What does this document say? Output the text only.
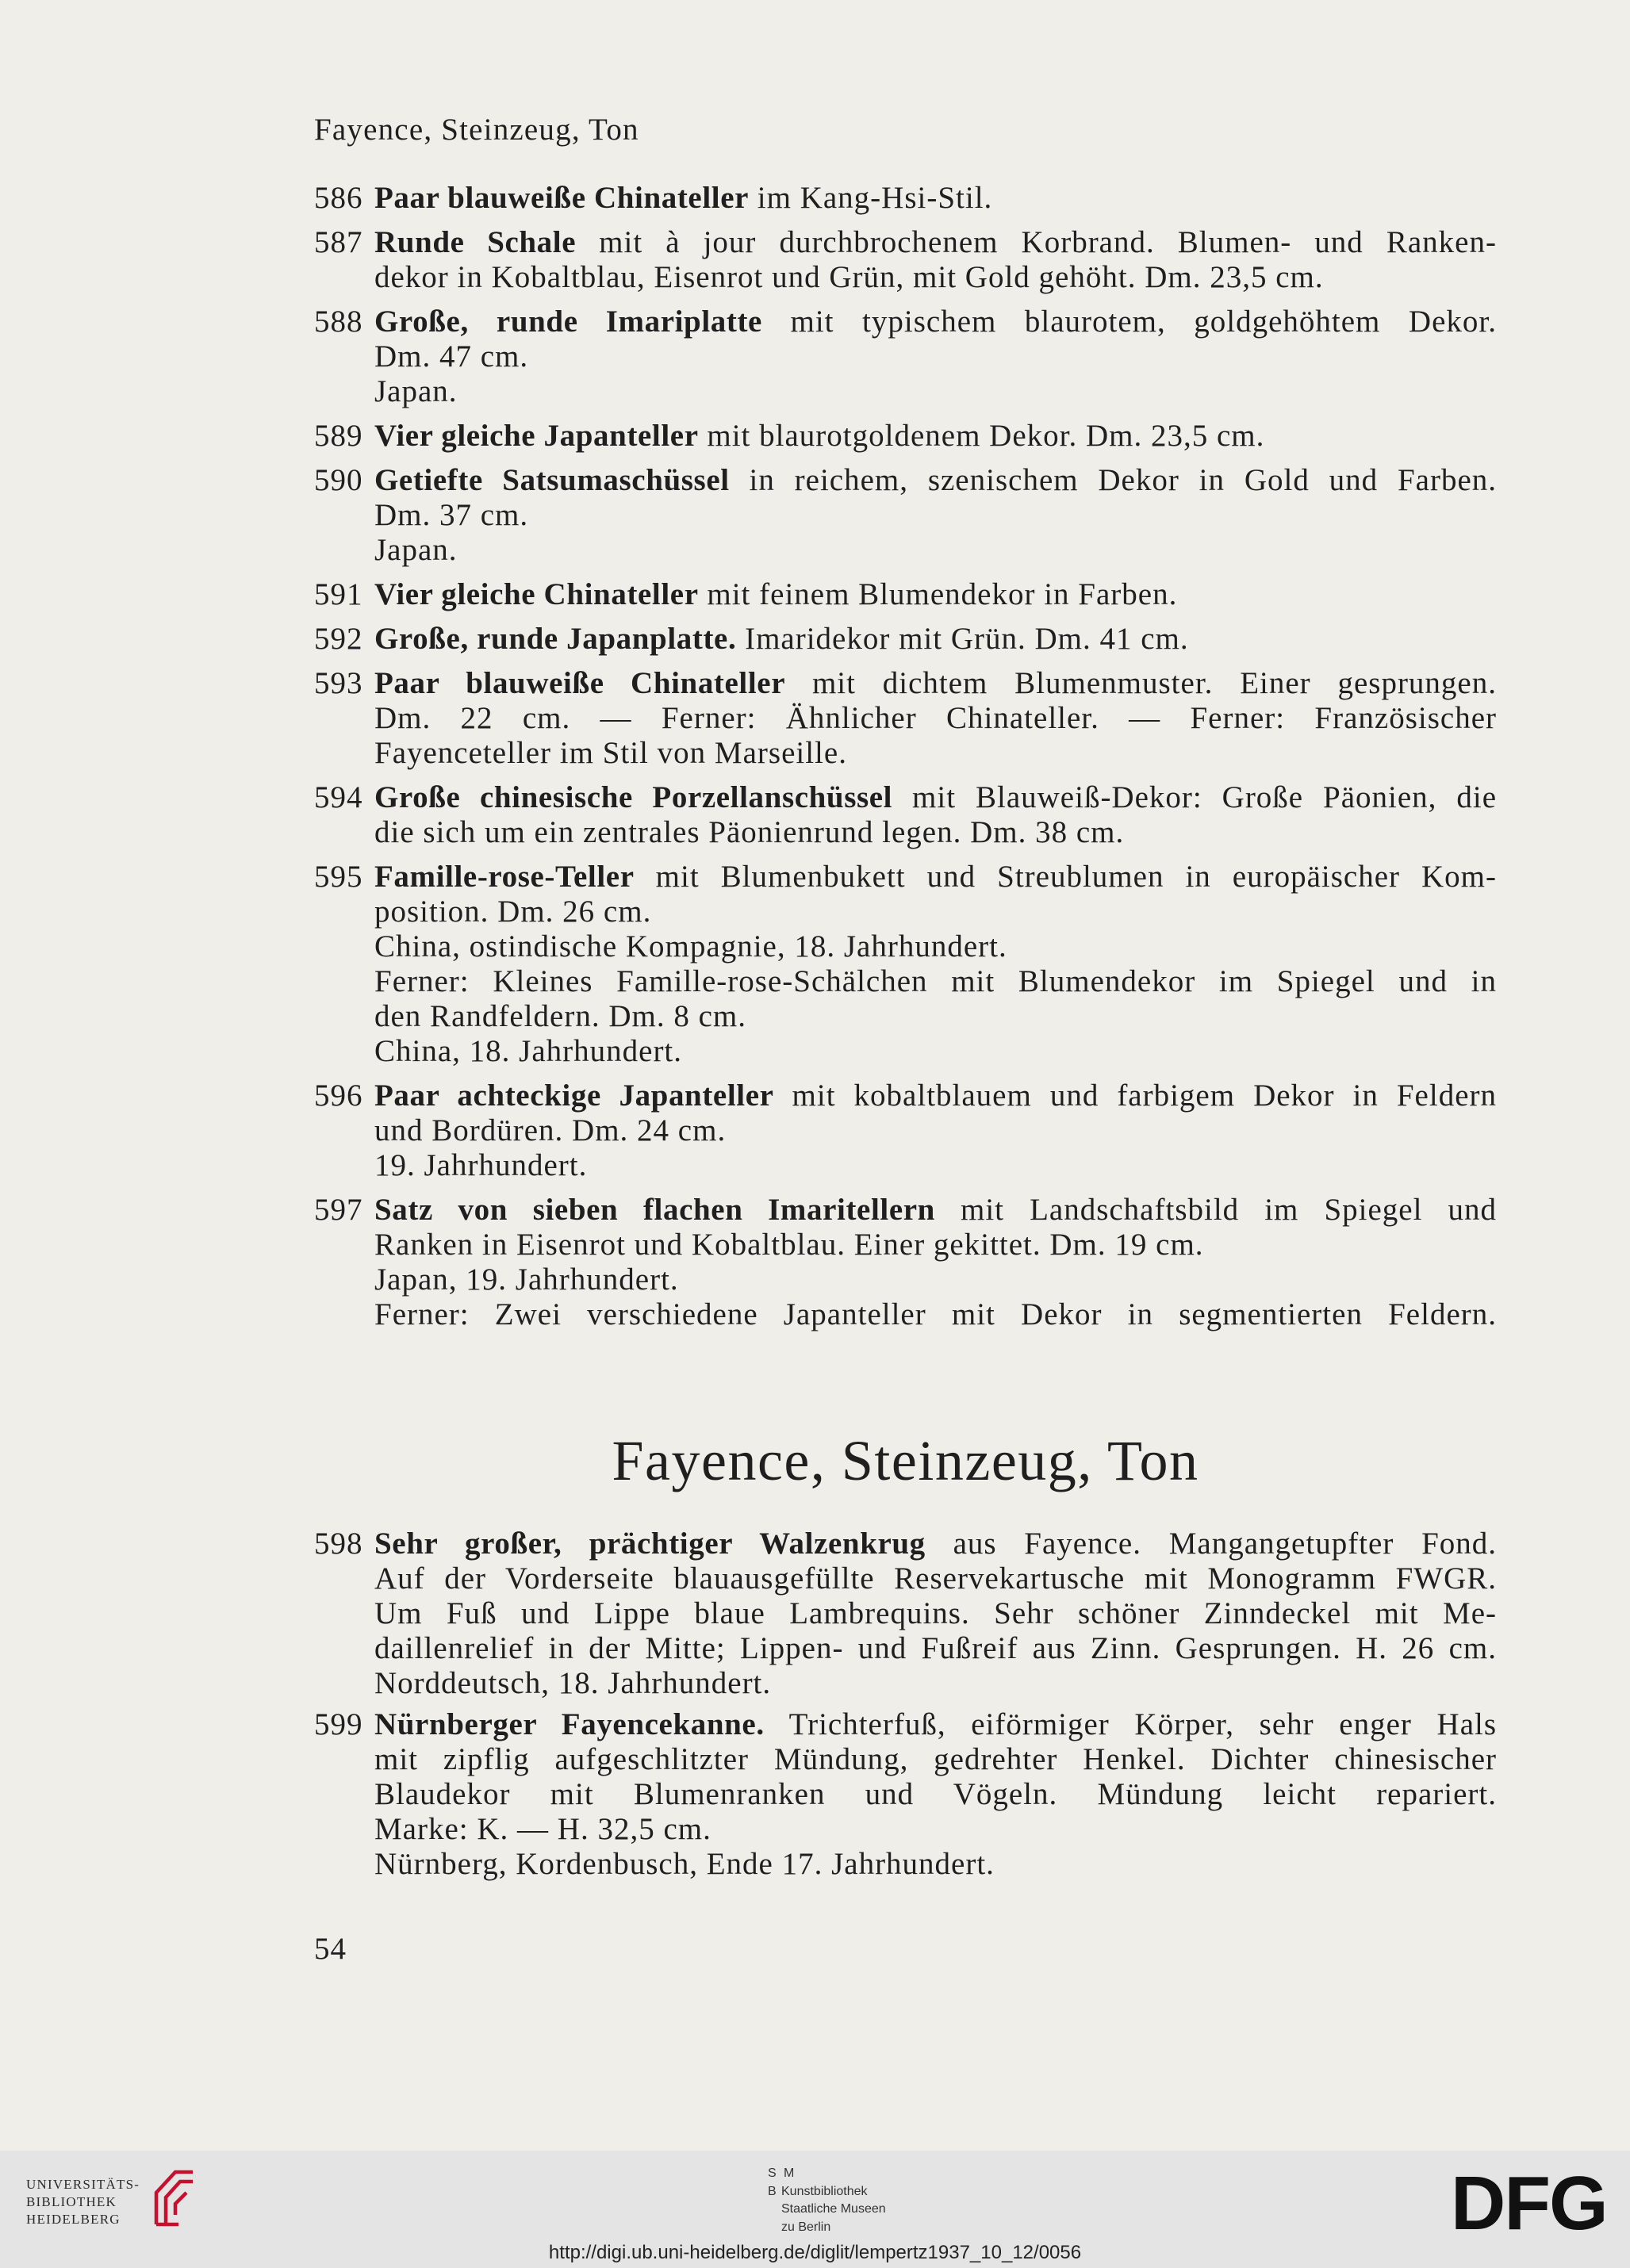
Fayence, Steinzeug, Ton
586 Paar blauweiße Chinateller im Kang-Hsi-Stil.
587 Runde Schale mit à jour durchbrochenem Korbrand. Blumen- und Ranken-
dekor in Kobaltblau, Eisenrot und Grün, mit Gold gehöht. Dm. 23,5 cm.
588 Große, runde Imariplatte mit typischem blaurotem, goldgehöhtem Dekor.
Dm. 47 cm.
Japan.
589 Vier gleiche Japanteller mit blaurotgoldenem Dekor. Dm. 23,5 cm.
590 Getiefte Satsumaschüssel in reichem, szenischem Dekor in Gold und Farben.
Dm. 37 cm.
Japan.
591 Vier gleiche Chinateller mit feinem Blumendekor in Farben.
592 Große, runde Japanplatte. Imaridekor mit Grün. Dm. 41 cm.
593 Paar blauweiße Chinateller mit dichtem Blumenmuster. Einer gesprungen.
Dm. 22 cm. — Ferner: Ähnlicher Chinateller. — Ferner: Französischer
Fayenceteller im Stil von Marseille.
594 Große chinesische Porzellanschüssel mit Blauweiß-Dekor: Große Päonien, die
die sich um ein zentrales Päonienrund legen. Dm. 38 cm.
595 Famille-rose-Teller mit Blumenbukett und Streublumen in europäischer Kom-
position. Dm. 26 cm.
China, ostindische Kompagnie, 18. Jahrhundert.
Ferner: Kleines Famille-rose-Schälchen mit Blumendekor im Spiegel und in
den Randfeldern. Dm. 8 cm.
China, 18. Jahrhundert.
596 Paar achteckige Japanteller mit kobaltblauem und farbigem Dekor in Feldern
und Bordüren. Dm. 24 cm.
19. Jahrhundert.
597 Satz von sieben flachen Imaritellern mit Landschaftsbild im Spiegel und
Ranken in Eisenrot und Kobaltblau. Einer gekittet. Dm. 19 cm.
Japan, 19. Jahrhundert.
Ferner: Zwei verschiedene Japanteller mit Dekor in segmentierten Feldern.
Fayence, Steinzeug, Ton
598 Sehr großer, prächtiger Walzenkrug aus Fayence. Mangangetupfter Fond.
Auf der Vorderseite blauausgefüllte Reservekartusche mit Monogramm FWGR.
Um Fuß und Lippe blaue Lambrequins. Sehr schöner Zinndeckel mit Me-
daillenrelief in der Mitte; Lippen- und Fußreif aus Zinn. Gesprungen. H. 26 cm.
Norddeutsch, 18. Jahrhundert.
599 Nürnberger Fayencekanne. Trichterfuß, eiförmiger Körper, sehr enger Hals
mit zipflig aufgeschlitzter Mündung, gedrehter Henkel. Dichter chinesischer
Blaudekor mit Blumenranken und Vögeln. Mündung leicht repariert.
Marke: K. — H. 32,5 cm.
Nürnberg, Kordenbusch, Ende 17. Jahrhundert.
54
UNIVERSITÄTS-
BIBLIOTHEK
HEIDELBERG
S M
B Kunstbibliothek
Staatliche Museen
zu Berlin	DFG
http://digi.ub.uni-heidelberg.de/diglit/lempertz1937_10_12/0056
